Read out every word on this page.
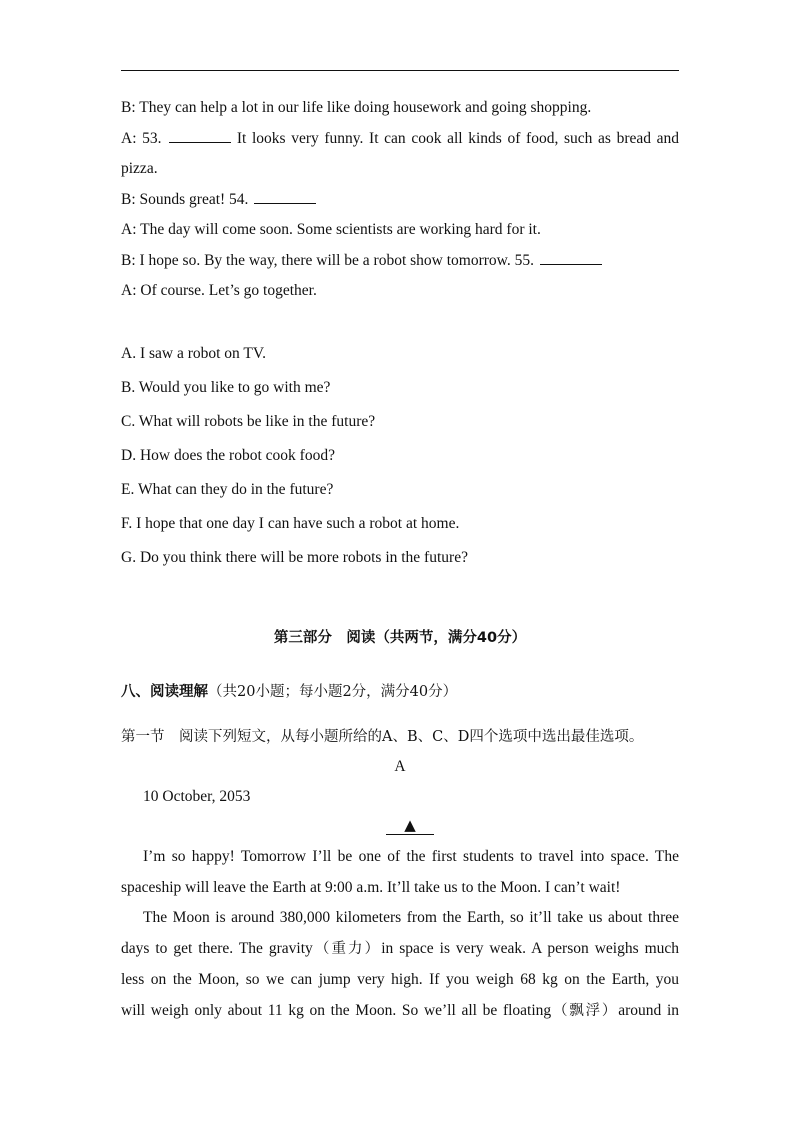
B: They can help a lot in our life like doing housework and going shopping.
A: 53.	It looks very funny. It can cook all kinds of food, such as bread and
pizza.
B: Sounds great! 54.
A: The day will come soon. Some scientists are working hard for it.
B: I hope so. By the way, there will be a robot show tomorrow. 55.
A: Of course. Let’s go together.
A. I saw a robot on TV.
B. Would you like to go with me?
C. What will robots be like in the future?
D. How does the robot cook food?
E. What can they do in the future?
F. I hope that one day I can have such a robot at home.
G. Do you think there will be more robots in the future?
第三部分　阅读（共两节，满分40分）
八、阅读理解（共20小题；每小题2分，满分40分）
第一节　阅读下列短文，从每小题所给的A、B、C、D四个选项中选出最佳选项。
A
10 October, 2053
▲
I’m so happy! Tomorrow I’ll be one of the first students to travel into space. The
spaceship will leave the Earth at 9:00 a.m. It’ll take us to the Moon. I can’t wait!
The Moon is around 380,000 kilometers from the Earth, so it’ll take us about three
days to get there. The gravity（重力）in space is very weak. A person weighs much
less on the Moon, so we can jump very high. If you weigh 68 kg on the Earth, you
will weigh only about 11 kg on the Moon. So we’ll all be floating（飘浮）around in
